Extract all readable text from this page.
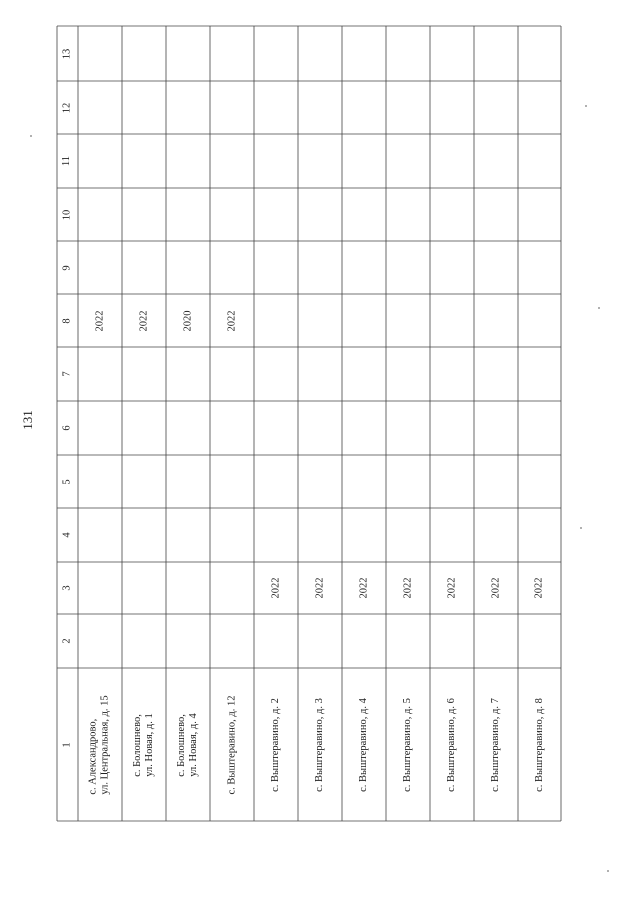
131
1
2
3
4
5
6
7
8
9
10
11
12
13
с. Александрово, ул. Центральная, д. 15
2022
с. Болошнево, ул. Новая, д. 1
2022
с. Болошнево, ул. Новая, д. 4
2020
с. Выштеравино, д. 12
2022
с. Выштеравино, д. 2
2022
с. Выштеравино, д. 3
2022
с. Выштеравино, д. 4
2022
с. Выштеравино, д. 5
2022
с. Выштеравино, д. 6
2022
с. Выштеравино, д. 7
2022
с. Выштеравино, д. 8
2022
